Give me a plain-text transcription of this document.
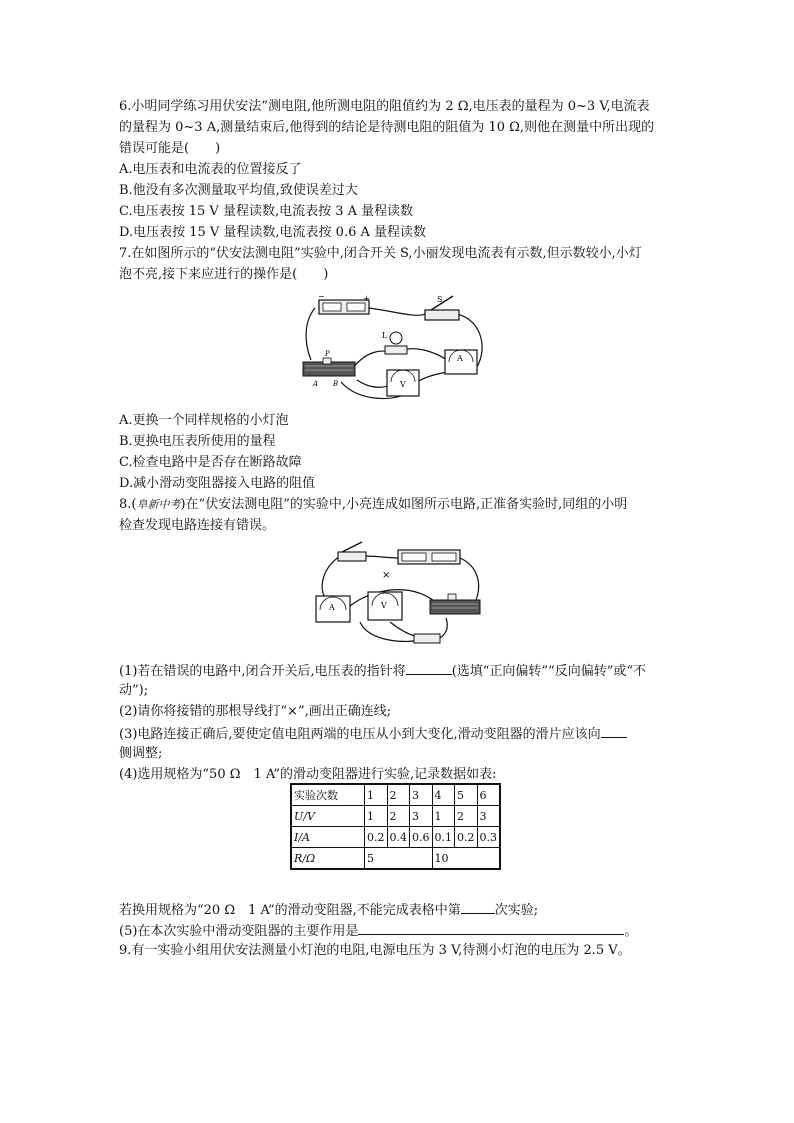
6.小明同学练习用伏安法”测电阻,他所测电阻的阻值约为 2 Ω,电压表的量程为 0~3 V,电流表
的量程为 0~3 A,测量结束后,他得到的结论是待测电阻的阻值为 10 Ω,则他在测量中所出现的
错误可能是(　　)
A.电压表和电流表的位置接反了
B.他没有多次测量取平均值,致使误差过大
C.电压表按 15 V 量程读数,电流表按 3 A 量程读数
D.电压表按 15 V 量程读数,电流表按 0.6 A 量程读数
7.在如图所示的“伏安法测电阻”实验中,闭合开关 S,小丽发现电流表有示数,但示数较小,小灯
泡不亮,接下来应进行的操作是(　　)
−	+	S
L
A
V
P
A B
A.更换一个同样规格的小灯泡
B.更换电压表所使用的量程
C.检查电路中是否存在断路故障
D.减小滑动变阻器接入电路的阻值
8.(阜新中考)在“伏安法测电阻”的实验中,小亮连成如图所示电路,正准备实验时,同组的小明
检查发现电路连接有错误。
×
A	V
(1)若在错误的电路中,闭合开关后,电压表的指针将	(选填“正向偏转”“反向偏转”或“不
动”);
(2)请你将接错的那根导线打“×”,画出正确连线;
(3)电路连接正确后,要使定值电阻两端的电压从小到大变化,滑动变阻器的滑片应该向
侧调整;
(4)选用规格为“50 Ω　1 A”的滑动变阻器进行实验,记录数据如表:
实验次数	1	2	3	4	5	6
U/V	1	2	3	1	2	3
I/A	0.2	0.4	0.6	0.1	0.2	0.3
R/Ω	5			10		
若换用规格为“20 Ω　1 A”的滑动变阻器,不能完成表格中第	次实验;
(5)在本次实验中滑动变阻器的主要作用是	。
9.有一实验小组用伏安法测量小灯泡的电阻,电源电压为 3 V,待测小灯泡的电压为 2.5 V。
